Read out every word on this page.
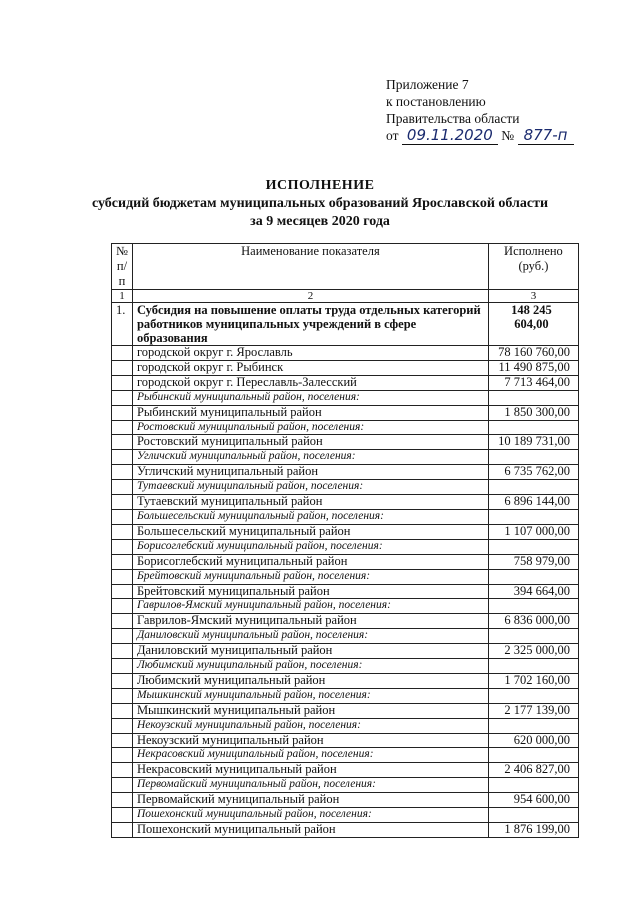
Приложение 7
к постановлению
Правительства области
от 09.11.2020 № 877-п
ИСПОЛНЕНИЕ
субсидий бюджетам муниципальных образований Ярославской области
за 9 месяцев 2020 года
№ п/п	Наименование показателя	Исполнено (руб.)
1	2	3
1.	Субсидия на повышение оплаты труда отдельных категорий работников муниципальных учреждений в сфере образования	148 245 604,00
	городской округ г. Ярославль	78 160 760,00
	городской округ г. Рыбинск	11 490 875,00
	городской округ г. Переславль-Залесский	7 713 464,00
	Рыбинский муниципальный район, поселения:	
	Рыбинский муниципальный район	1 850 300,00
	Ростовский муниципальный район, поселения:	
	Ростовский муниципальный район	10 189 731,00
	Угличский муниципальный район, поселения:	
	Угличский муниципальный район	6 735 762,00
	Тутаевский муниципальный район, поселения:	
	Тутаевский муниципальный район	6 896 144,00
	Большесельский муниципальный район, поселения:	
	Большесельский муниципальный район	1 107 000,00
	Борисоглебский муниципальный район, поселения:	
	Борисоглебский муниципальный район	758 979,00
	Брейтовский муниципальный район, поселения:	
	Брейтовский муниципальный район	394 664,00
	Гаврилов-Ямский муниципальный район, поселения:	
	Гаврилов-Ямский муниципальный район	6 836 000,00
	Даниловский муниципальный район, поселения:	
	Даниловский муниципальный район	2 325 000,00
	Любимский муниципальный район, поселения:	
	Любимский муниципальный район	1 702 160,00
	Мышкинский муниципальный район, поселения:	
	Мышкинский муниципальный район	2 177 139,00
	Некоузский муниципальный район, поселения:	
	Некоузский муниципальный район	620 000,00
	Некрасовский муниципальный район, поселения:	
	Некрасовский муниципальный район	2 406 827,00
	Первомайский муниципальный район, поселения:	
	Первомайский муниципальный район	954 600,00
	Пошехонский муниципальный район, поселения:	
	Пошехонский муниципальный район	1 876 199,00
